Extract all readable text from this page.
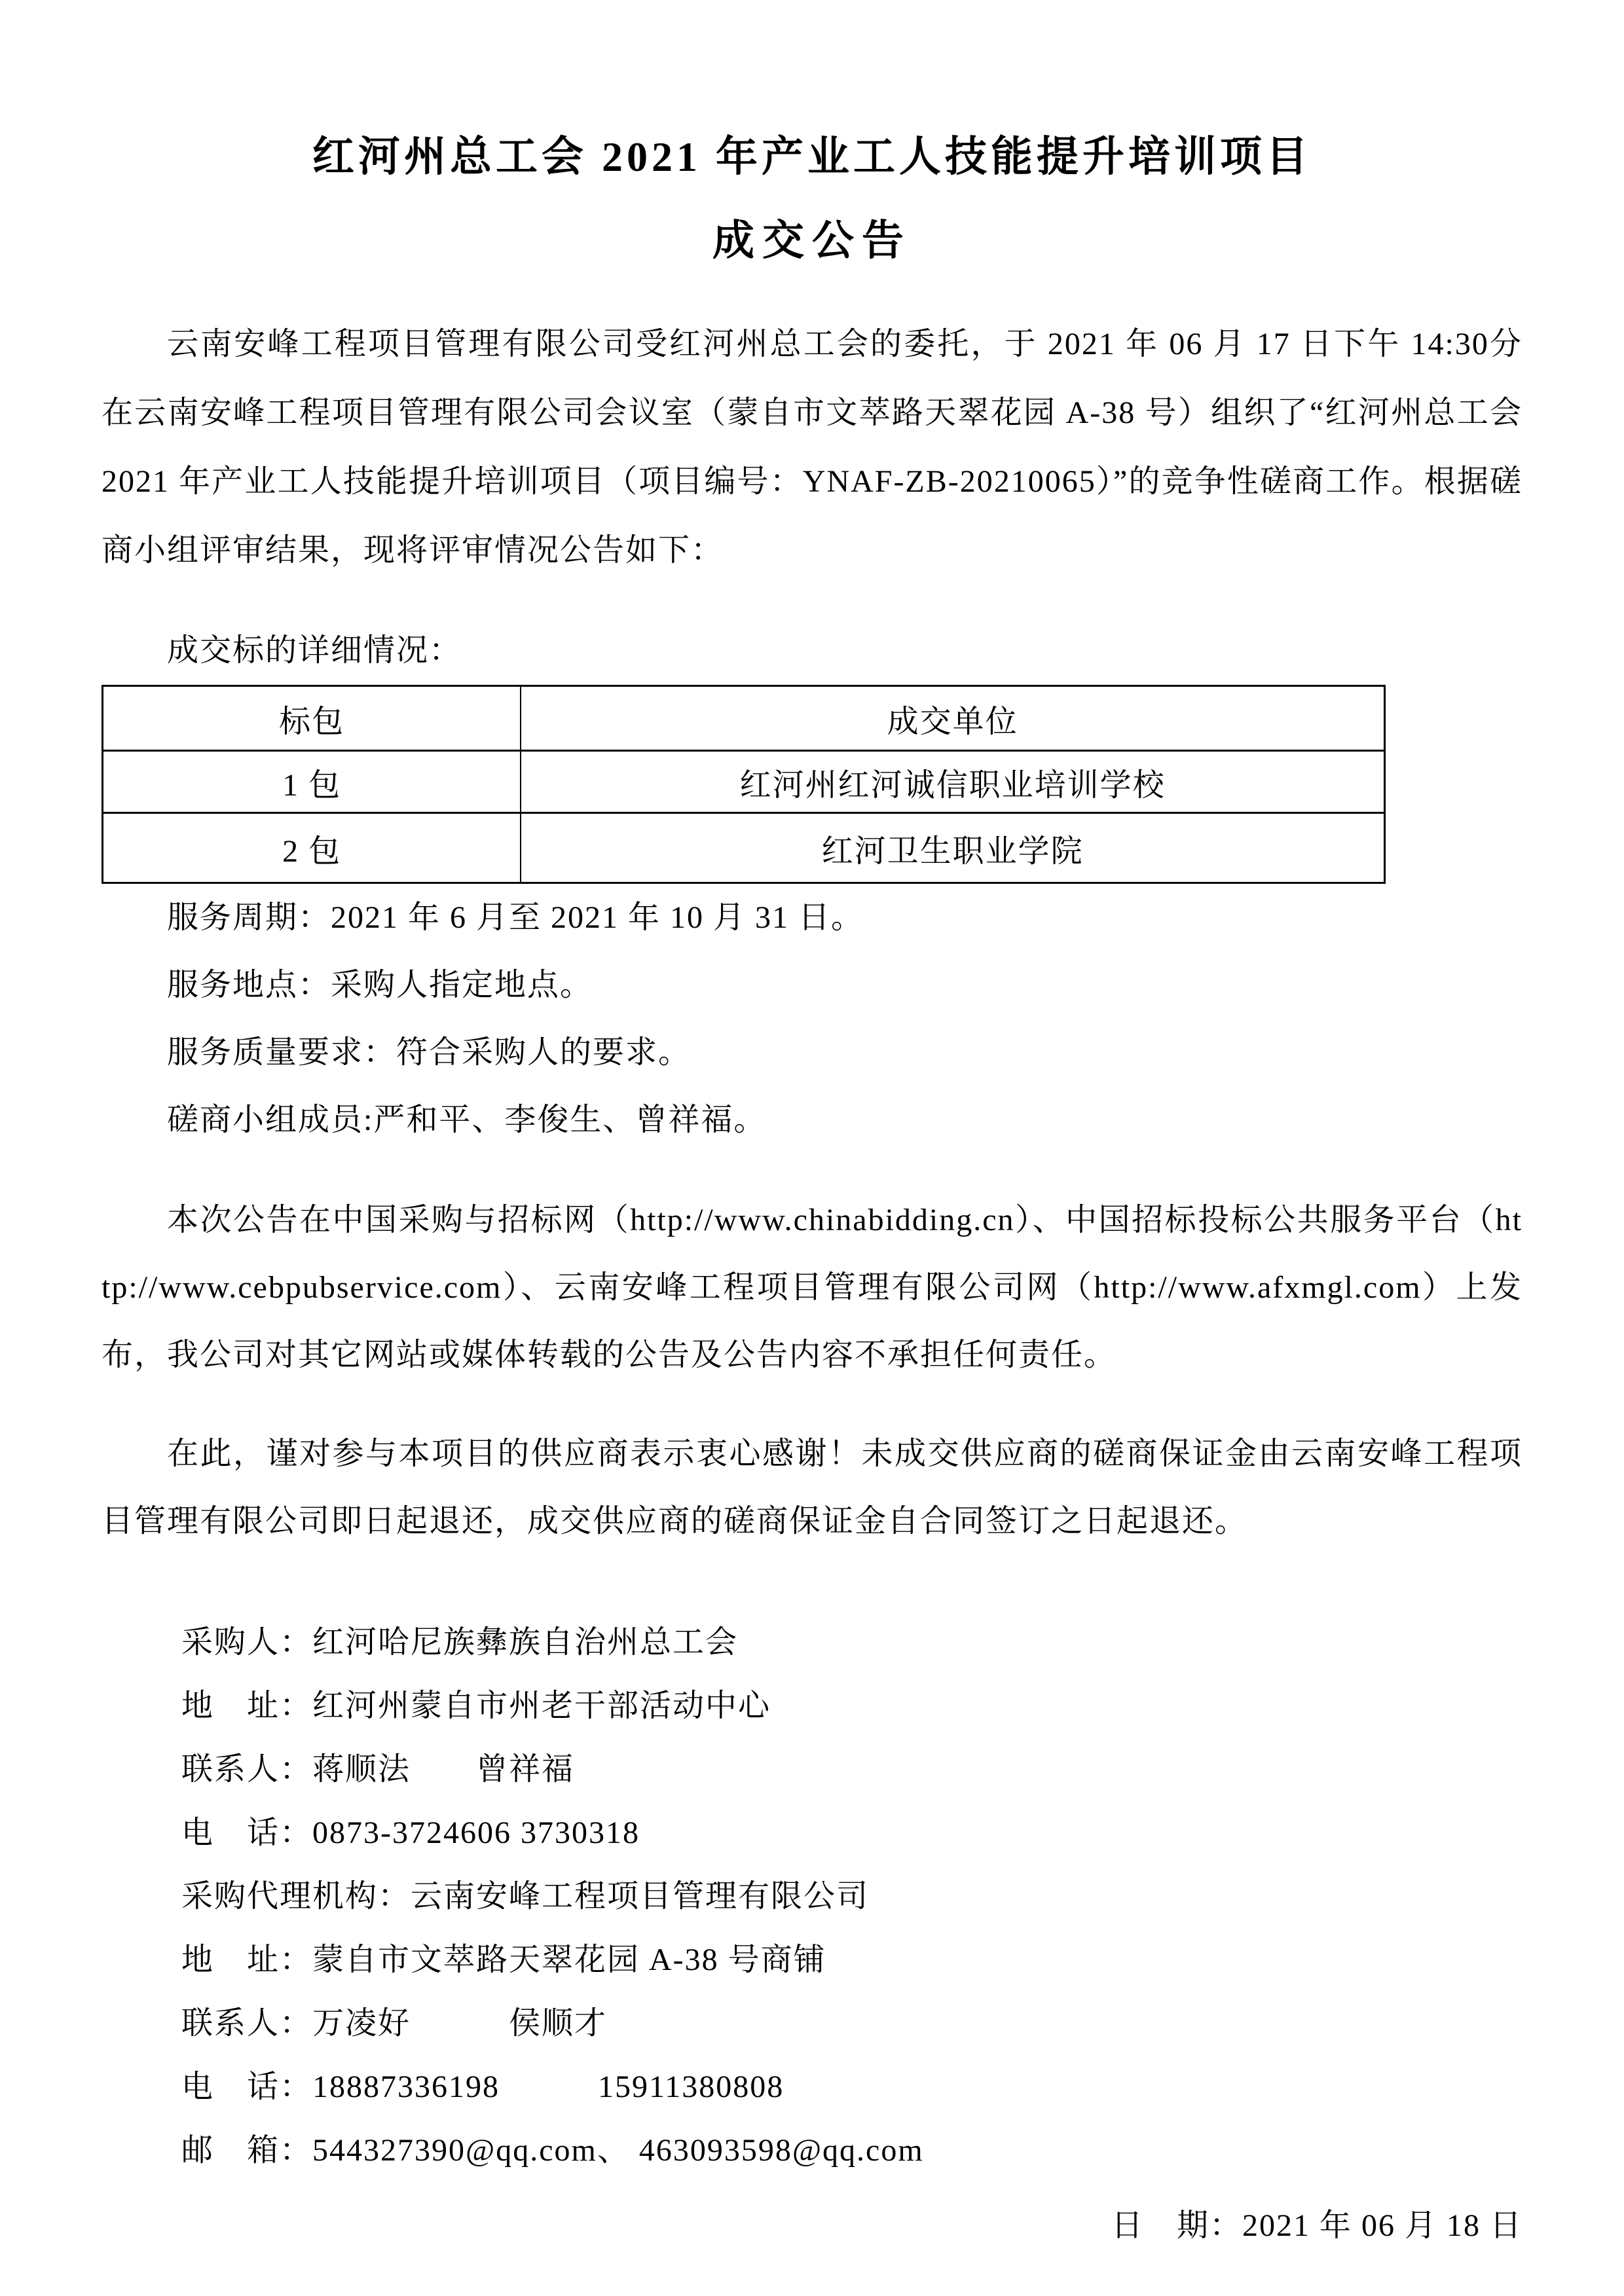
红河州总工会 2021 年产业工人技能提升培训项目
成交公告

云南安峰工程项目管理有限公司受红河州总工会的委托，于 2021 年 06 月 17 日下午 14:30分在云南安峰工程项目管理有限公司会议室（蒙自市文萃路天翠花园 A-38 号）组织了“红河州总工会 2021 年产业工人技能提升培训项目（项目编号：YNAF-ZB-20210065）”的竞争性磋商工作。根据磋商小组评审结果，现将评审情况公告如下：

成交标的详细情况：
标包	成交单位
1 包	红河州红河诚信职业培训学校
2 包	红河卫生职业学院
服务周期：2021 年 6 月至 2021 年 10 月 31 日。
服务地点：采购人指定地点。
服务质量要求：符合采购人的要求。
磋商小组成员:严和平、李俊生、曾祥福。

本次公告在中国采购与招标网（http://www.chinabidding.cn）、中国招标投标公共服务平台（http://www.cebpubservice.com）、云南安峰工程项目管理有限公司网（http://www.afxmgl.com）上发布，我公司对其它网站或媒体转载的公告及公告内容不承担任何责任。

在此，谨对参与本项目的供应商表示衷心感谢！未成交供应商的磋商保证金由云南安峰工程项目管理有限公司即日起退还，成交供应商的磋商保证金自合同签订之日起退还。

采购人：红河哈尼族彝族自治州总工会
地　址：红河州蒙自市州老干部活动中心
联系人：蒋顺法　　曾祥福
电　话：0873-3724606 3730318
采购代理机构：云南安峰工程项目管理有限公司
地　址：蒙自市文萃路天翠花园 A-38 号商铺
联系人：万凌好　　　侯顺才
电　话：18887336198　　　15911380808
邮　箱：544327390@qq.com、 463093598@qq.com
日　期：2021 年 06 月 18 日
